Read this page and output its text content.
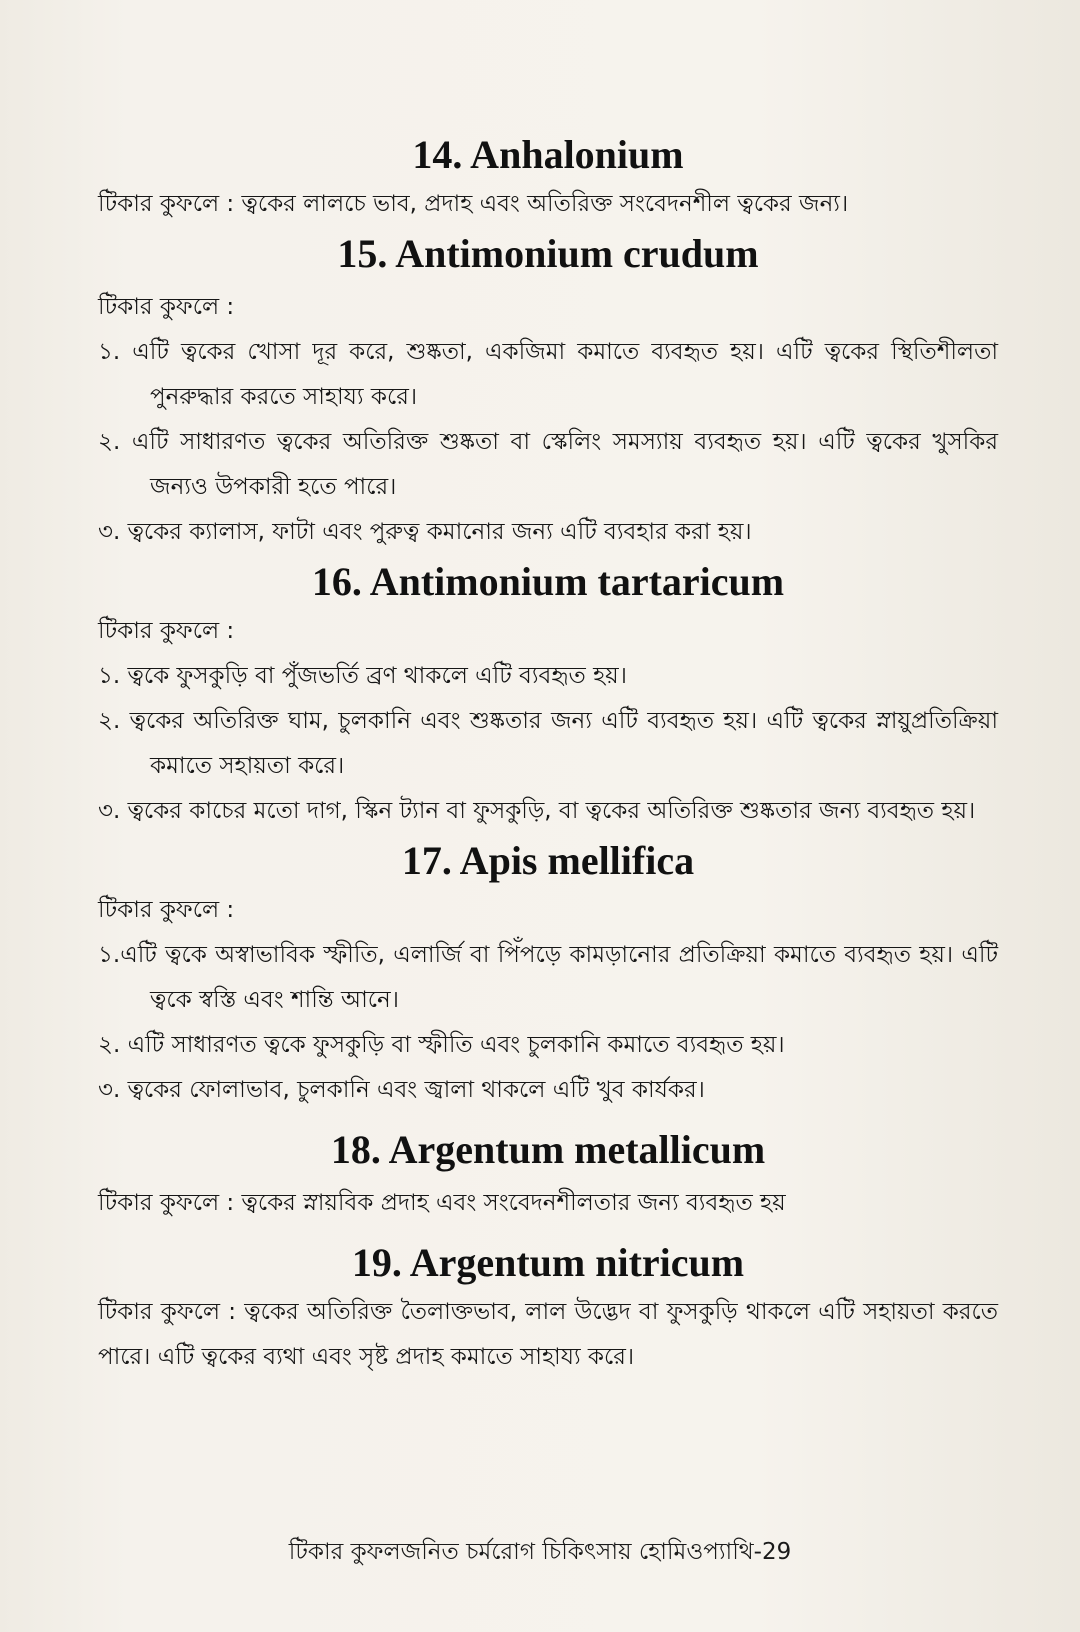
14. Anhalonium

টিকার কুফলে : ত্বকের লালচে ভাব, প্রদাহ এবং অতিরিক্ত সংবেদনশীল ত্বকের জন্য।

15. Antimonium crudum

টিকার কুফলে :

১. এটি ত্বকের খোসা দূর করে, শুষ্কতা, একজিমা কমাতে ব্যবহৃত হয়। এটি ত্বকের স্থিতিশীলতা পুনরুদ্ধার করতে সাহায্য করে।
২. এটি সাধারণত ত্বকের অতিরিক্ত শুষ্কতা বা স্কেলিং সমস্যায় ব্যবহৃত হয়। এটি ত্বকের খুসকির জন্যও উপকারী হতে পারে।
৩. ত্বকের ক্যালাস, ফাটা এবং পুরুত্ব কমানোর জন্য এটি ব্যবহার করা হয়।
16. Antimonium tartaricum

টিকার কুফলে :

১. ত্বকে ফুসকুড়ি বা পুঁজভর্তি ব্রণ থাকলে এটি ব্যবহৃত হয়।
২. ত্বকের অতিরিক্ত ঘাম, চুলকানি এবং শুষ্কতার জন্য এটি ব্যবহৃত হয়। এটি ত্বকের স্নায়ুপ্রতিক্রিয়া কমাতে সহায়তা করে।
৩. ত্বকের কাচের মতো দাগ, স্কিন ট্যান বা ফুসকুড়ি, বা ত্বকের অতিরিক্ত শুষ্কতার জন্য ব্যবহৃত হয়।
17. Apis mellifica

টিকার কুফলে :

১.এটি ত্বকে অস্বাভাবিক স্ফীতি, এলার্জি বা পিঁপড়ে কামড়ানোর প্রতিক্রিয়া কমাতে ব্যবহৃত হয়। এটি ত্বকে স্বস্তি এবং শান্তি আনে।
২. এটি সাধারণত ত্বকে ফুসকুড়ি বা স্ফীতি এবং চুলকানি কমাতে ব্যবহৃত হয়।
৩. ত্বকের ফোলাভাব, চুলকানি এবং জ্বালা থাকলে এটি খুব কার্যকর।
18. Argentum metallicum

টিকার কুফলে : ত্বকের স্নায়বিক প্রদাহ এবং সংবেদনশীলতার জন্য ব্যবহৃত হয়

19. Argentum nitricum

টিকার কুফলে : ত্বকের অতিরিক্ত তৈলাক্তভাব, লাল উদ্ভেদ বা ফুসকুড়ি থাকলে এটি সহায়তা করতে পারে। এটি ত্বকের ব্যথা এবং সৃষ্ট প্রদাহ কমাতে সাহায্য করে।

টিকার কুফলজনিত চর্মরোগ চিকিৎসায় হোমিওপ্যাথি-29
